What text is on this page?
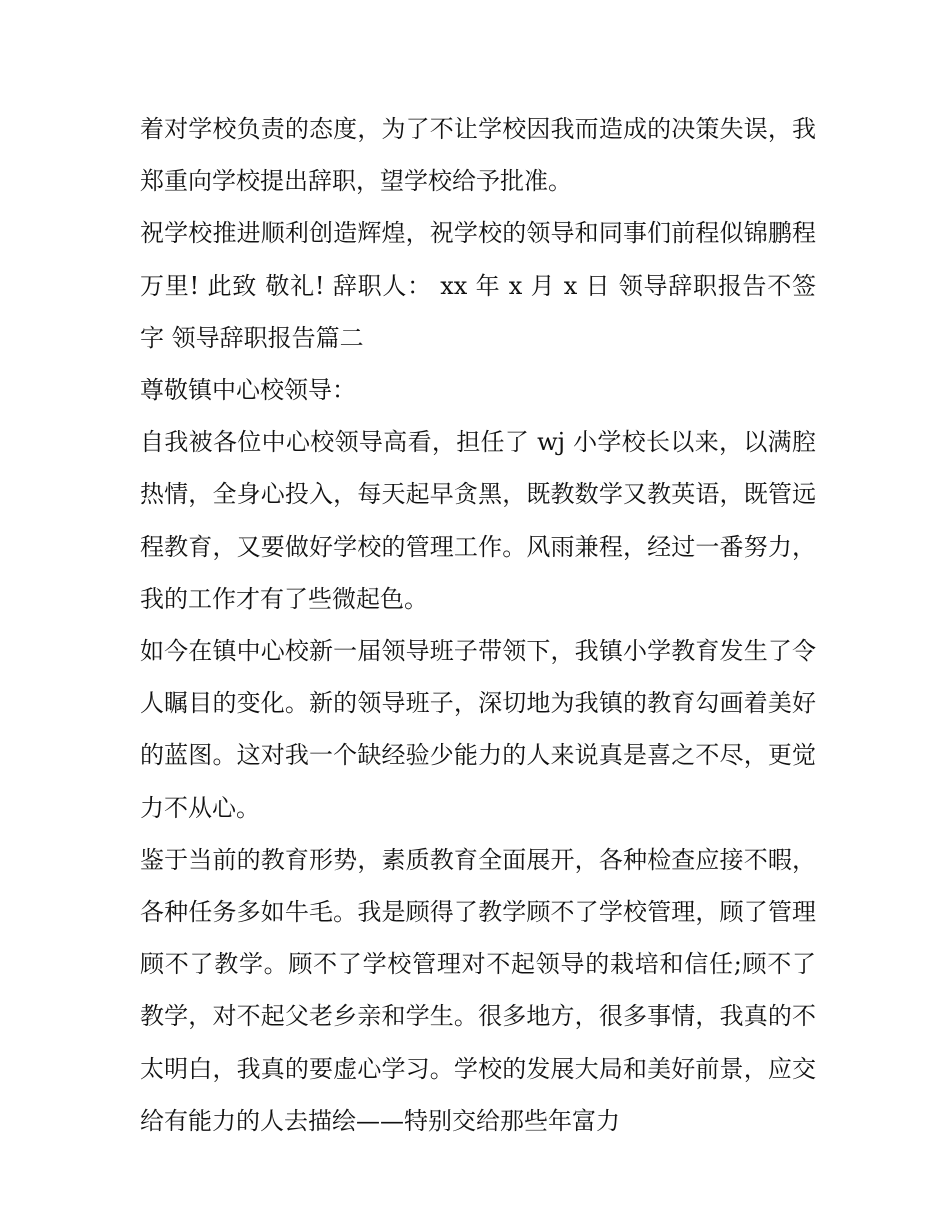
着对学校负责的态度，为了不让学校因我而造成的决策失误，我郑重向学校提出辞职，望学校给予批准。

祝学校推进顺利创造辉煌，祝学校的领导和同事们前程似锦鹏程万里! 此致 敬礼! 辞职人： xx 年 x 月 x 日 领导辞职报告不签字 领导辞职报告篇二

尊敬镇中心校领导：

自我被各位中心校领导高看，担任了 wj 小学校长以来，以满腔热情，全身心投入，每天起早贪黑，既教数学又教英语，既管远程教育，又要做好学校的管理工作。风雨兼程，经过一番努力，我的工作才有了些微起色。

如今在镇中心校新一届领导班子带领下，我镇小学教育发生了令人瞩目的变化。新的领导班子，深切地为我镇的教育勾画着美好的蓝图。这对我一个缺经验少能力的人来说真是喜之不尽，更觉力不从心。

鉴于当前的教育形势，素质教育全面展开，各种检查应接不暇，各种任务多如牛毛。我是顾得了教学顾不了学校管理，顾了管理顾不了教学。顾不了学校管理对不起领导的栽培和信任;顾不了教学，对不起父老乡亲和学生。很多地方，很多事情，我真的不太明白，我真的要虚心学习。学校的发展大局和美好前景，应交给有能力的人去描绘——特别交给那些年富力
